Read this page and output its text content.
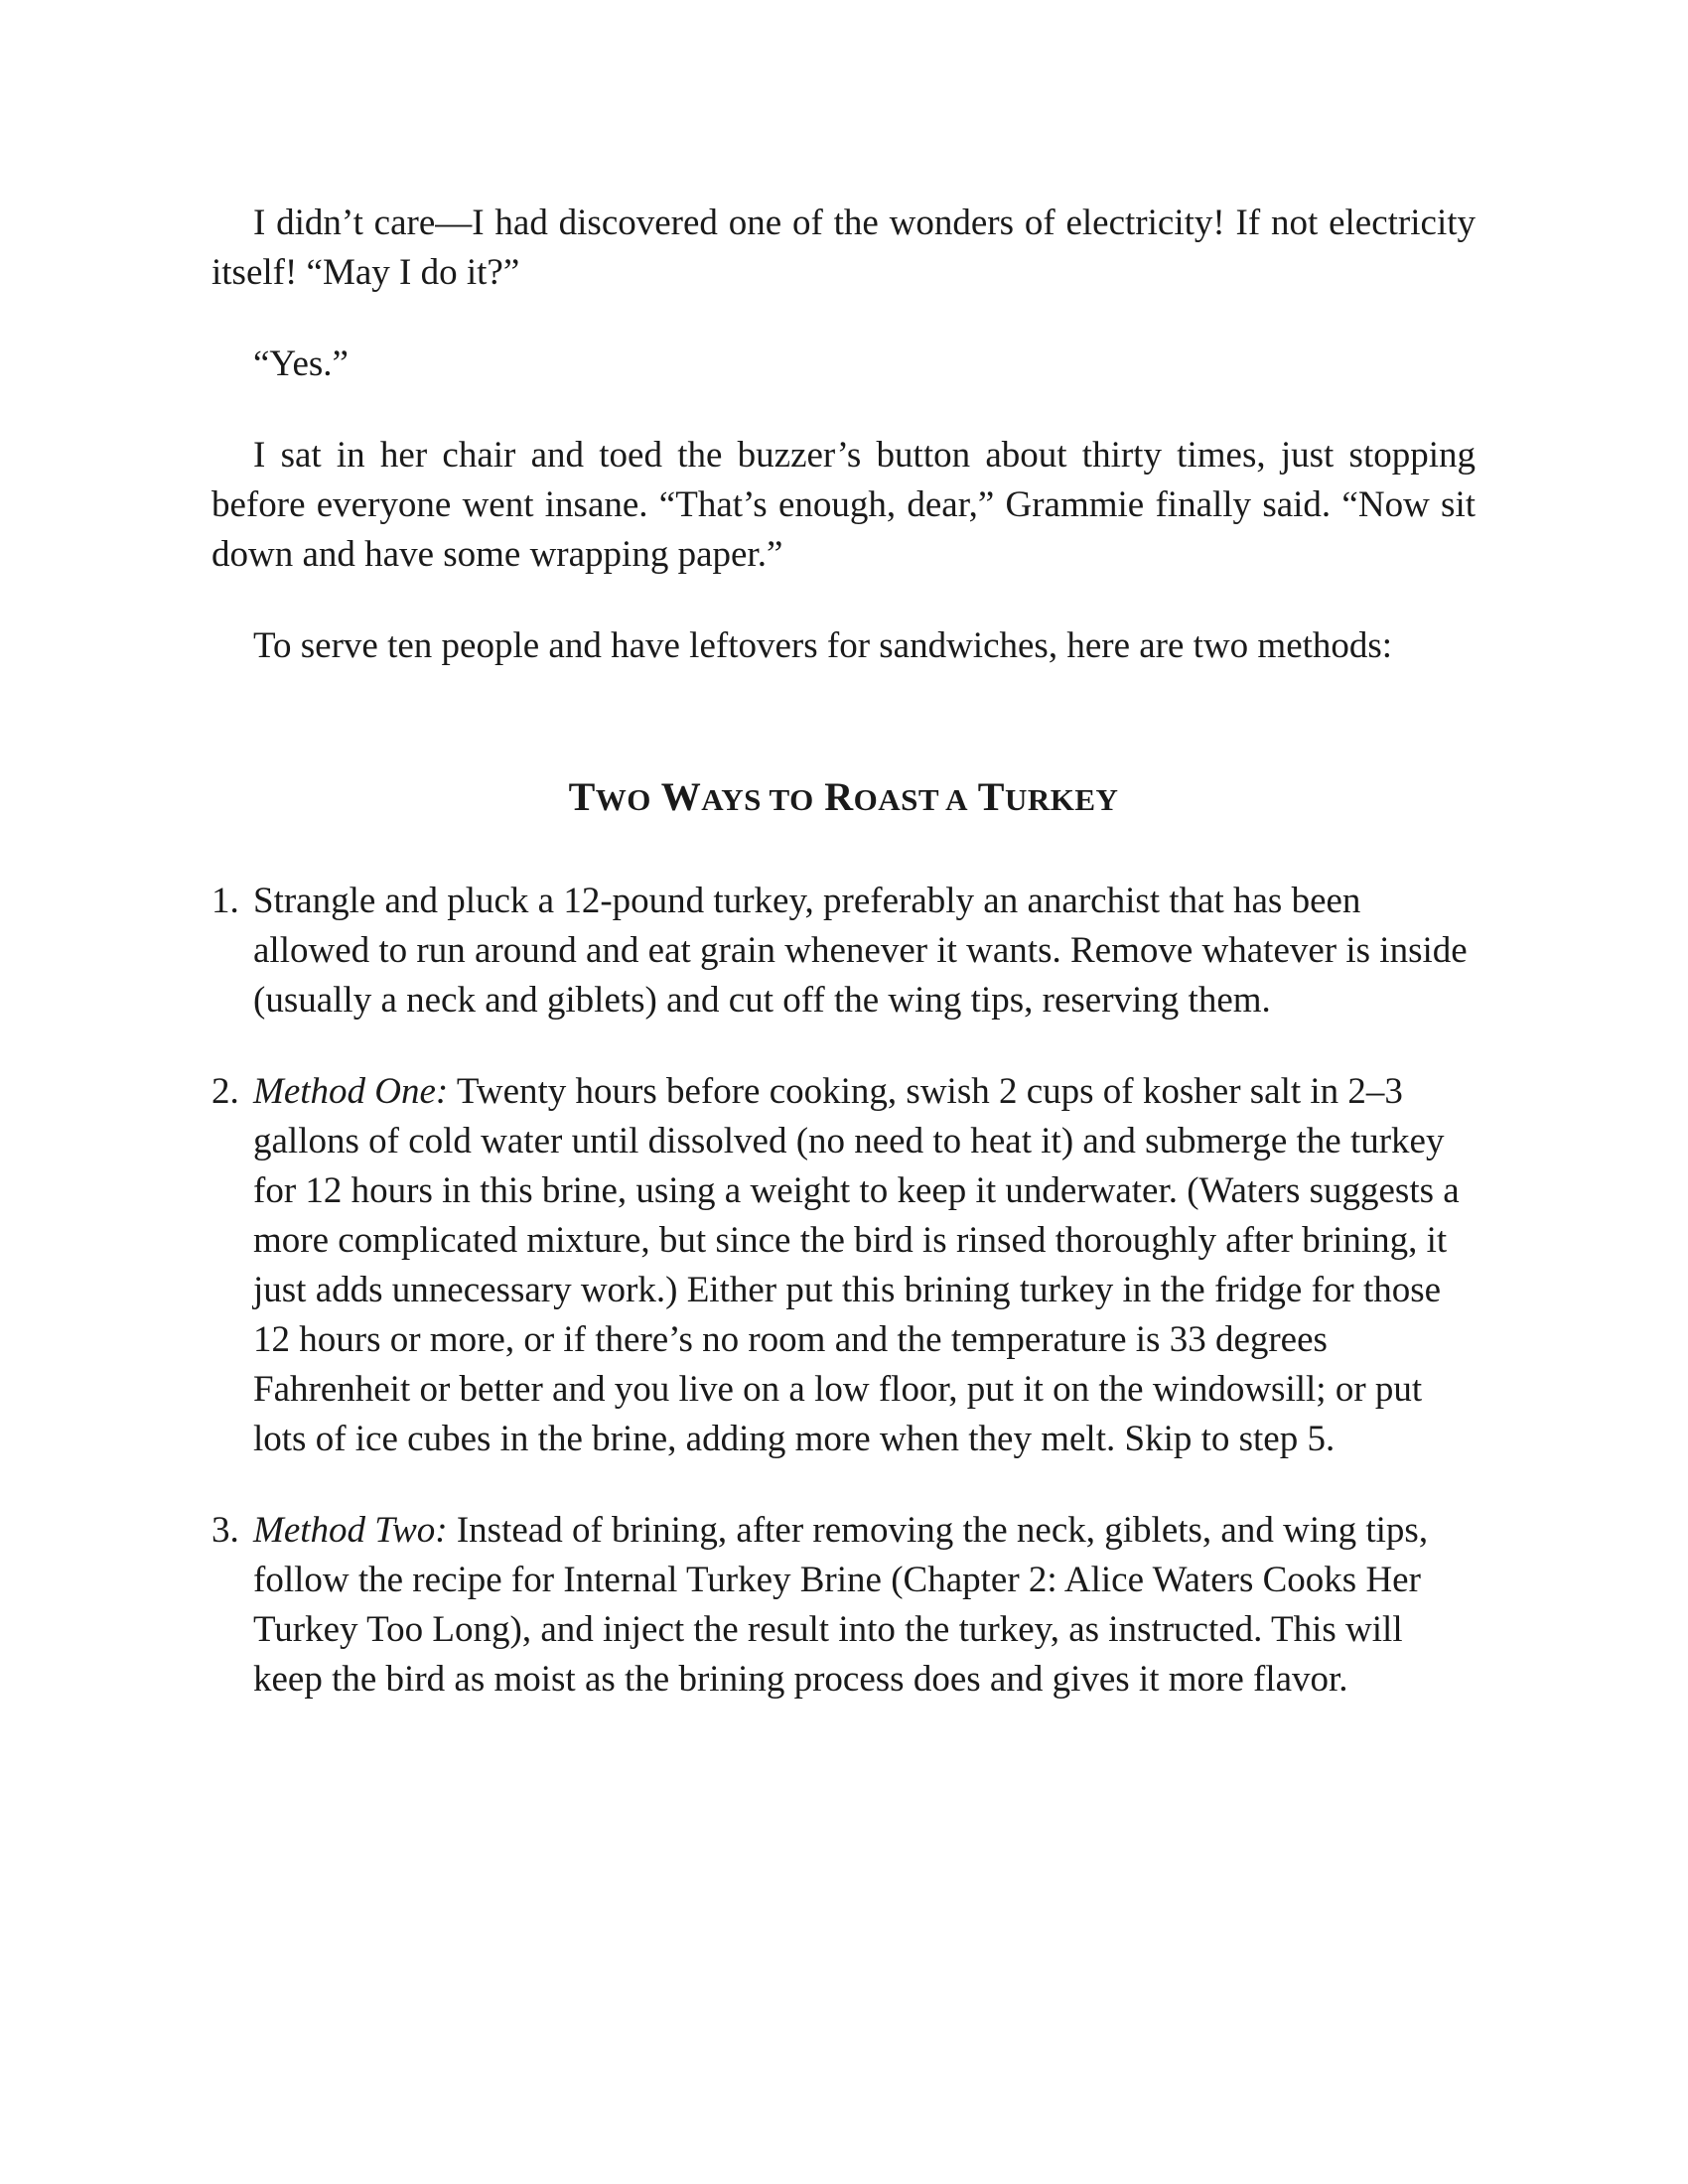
I didn’t care—I had discovered one of the wonders of electricity! If not electricity itself! “May I do it?”

“Yes.”

I sat in her chair and toed the buzzer’s button about thirty times, just stopping before everyone went insane. “That’s enough, dear,” Grammie finally said. “Now sit down and have some wrapping paper.”

To serve ten people and have leftovers for sandwiches, here are two methods:

TWO WAYS TO ROAST A TURKEY
1. Strangle and pluck a 12-pound turkey, preferably an anarchist that has been allowed to run around and eat grain whenever it wants. Remove whatever is inside (usually a neck and giblets) and cut off the wing tips, reserving them.
2. Method One: Twenty hours before cooking, swish 2 cups of kosher salt in 2–3 gallons of cold water until dissolved (no need to heat it) and submerge the turkey for 12 hours in this brine, using a weight to keep it underwater. (Waters suggests a more complicated mixture, but since the bird is rinsed thoroughly after brining, it just adds unnecessary work.) Either put this brining turkey in the fridge for those 12 hours or more, or if there’s no room and the temperature is 33 degrees Fahrenheit or better and you live on a low floor, put it on the windowsill; or put lots of ice cubes in the brine, adding more when they melt. Skip to step 5.
3. Method Two: Instead of brining, after removing the neck, giblets, and wing tips, follow the recipe for Internal Turkey Brine (Chapter 2: Alice Waters Cooks Her Turkey Too Long), and inject the result into the turkey, as instructed. This will keep the bird as moist as the brining process does and gives it more flavor.
